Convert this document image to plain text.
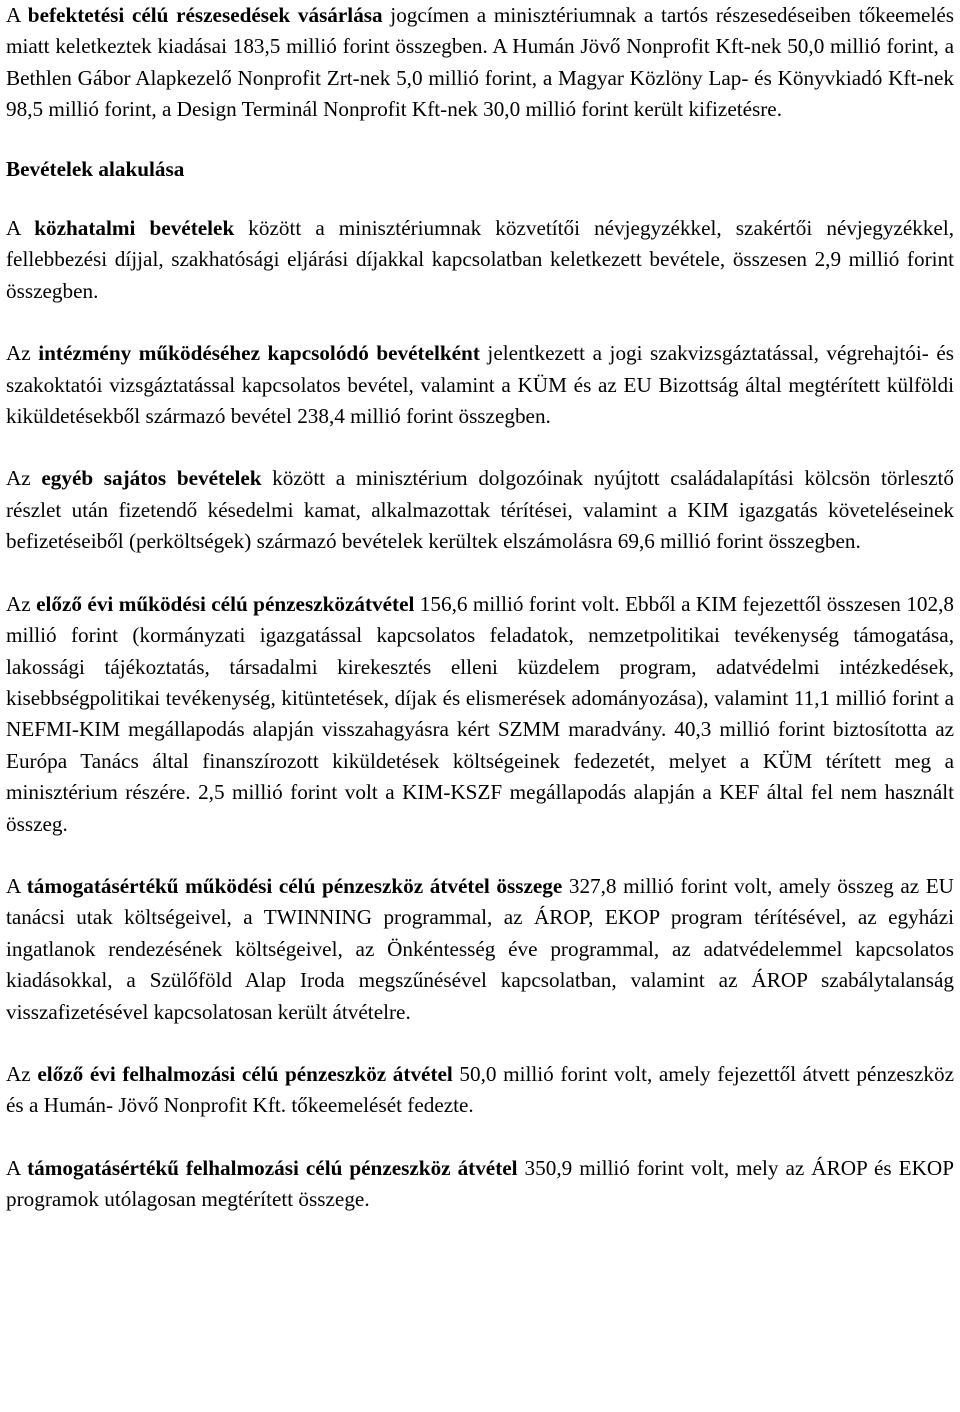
A befektetési célú részesedések vásárlása jogcímen a minisztériumnak a tartós részesedéseiben tőkeemelés miatt keletkeztek kiadásai 183,5 millió forint összegben. A Humán Jövő Nonprofit Kft-nek 50,0 millió forint, a Bethlen Gábor Alapkezelő Nonprofit Zrt-nek 5,0 millió forint, a Magyar Közlöny Lap- és Könyvkiadó Kft-nek 98,5 millió forint, a Design Terminál Nonprofit Kft-nek 30,0 millió forint került kifizetésre.

Bevételek alakulása

A közhatalmi bevételek között a minisztériumnak közvetítői névjegyzékkel, szakértői névjegyzékkel, fellebbezési díjjal, szakhatósági eljárási díjakkal kapcsolatban keletkezett bevétele, összesen 2,9 millió forint összegben.

Az intézmény működéséhez kapcsolódó bevételként jelentkezett a jogi szakvizsgáztatással, végrehajtói- és szakoktatói vizsgáztatással kapcsolatos bevétel, valamint a KÜM és az EU Bizottság által megtérített külföldi kiküldetésekből származó bevétel 238,4 millió forint összegben.

Az egyéb sajátos bevételek között a minisztérium dolgozóinak nyújtott családalapítási kölcsön törlesztő részlet után fizetendő késedelmi kamat, alkalmazottak térítései, valamint a KIM igazgatás követeléseinek befizetéseiből (perköltségek) származó bevételek kerültek elszámolásra 69,6 millió forint összegben.

Az előző évi működési célú pénzeszközátvétel 156,6 millió forint volt. Ebből a KIM fejezettől összesen 102,8 millió forint (kormányzati igazgatással kapcsolatos feladatok, nemzetpolitikai tevékenység támogatása, lakossági tájékoztatás, társadalmi kirekesztés elleni küzdelem program, adatvédelmi intézkedések, kisebbségpolitikai tevékenység, kitüntetések, díjak és elismerések adományozása), valamint 11,1 millió forint a NEFMI-KIM megállapodás alapján visszahagyásra kért SZMM maradvány. 40,3 millió forint biztosította az Európa Tanács által finanszírozott kiküldetések költségeinek fedezetét, melyet a KÜM térített meg a minisztérium részére. 2,5 millió forint volt a KIM-KSZF megállapodás alapján a KEF által fel nem használt összeg.

A támogatásértékű működési célú pénzeszköz átvétel összege 327,8 millió forint volt, amely összeg az EU tanácsi utak költségeivel, a TWINNING programmal, az ÁROP, EKOP program térítésével, az egyházi ingatlanok rendezésének költségeivel, az Önkéntesség éve programmal, az adatvédelemmel kapcsolatos kiadásokkal, a Szülőföld Alap Iroda megszűnésével kapcsolatban, valamint az ÁROP szabálytalanság visszafizetésével kapcsolatosan került átvételre.

Az előző évi felhalmozási célú pénzeszköz átvétel 50,0 millió forint volt, amely fejezettől átvett pénzeszköz és a Humán- Jövő Nonprofit Kft. tőkeemelését fedezte.

A támogatásértékű felhalmozási célú pénzeszköz átvétel 350,9 millió forint volt, mely az ÁROP és EKOP programok utólagosan megtérített összege.
